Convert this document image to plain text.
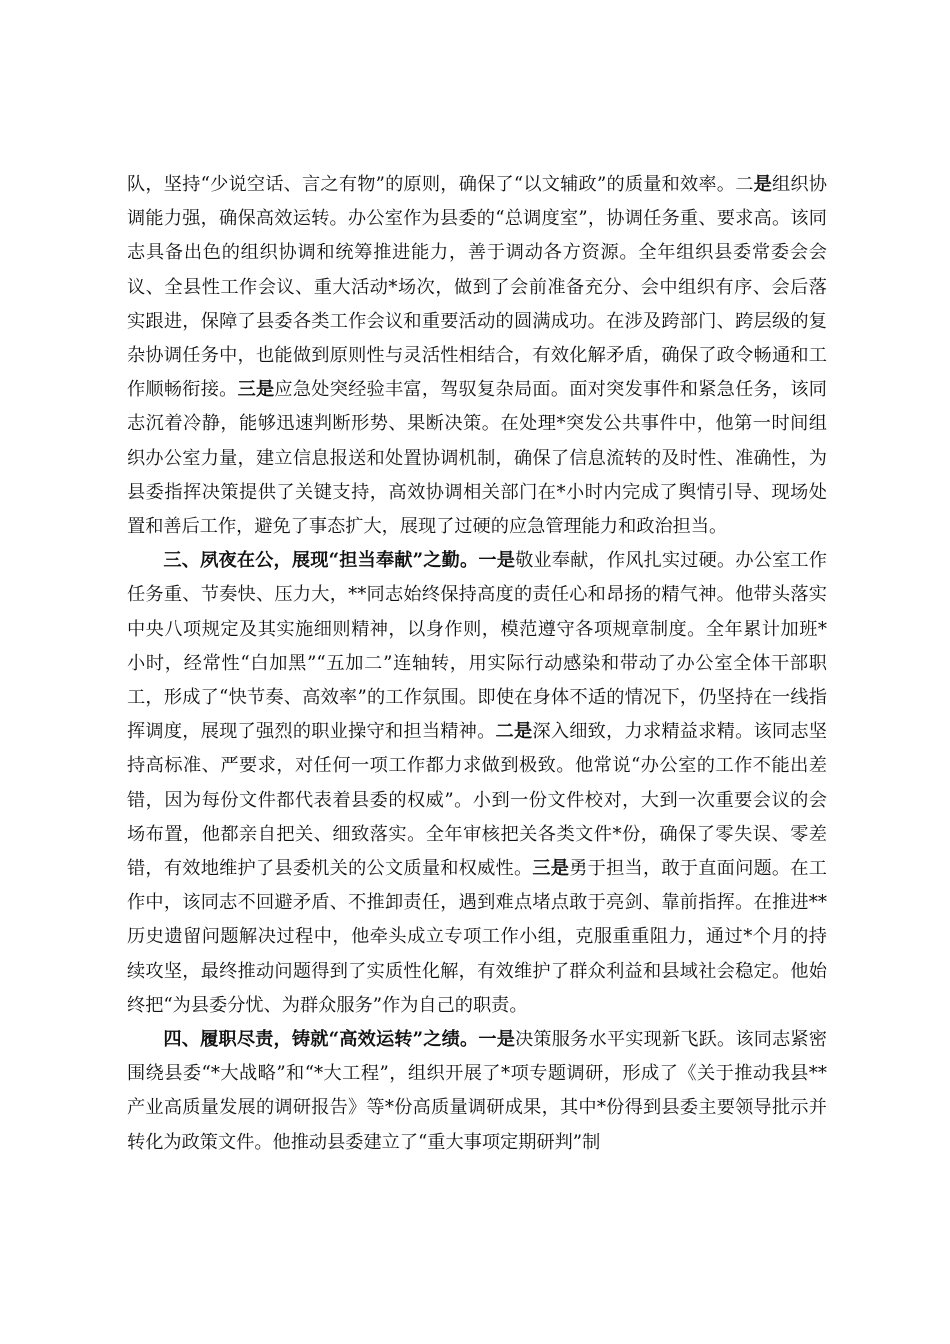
队，坚持“少说空话、言之有物”的原则，确保了“以文辅政”的质量和效率。二是组织协调能力强，确保高效运转。办公室作为县委的“总调度室”，协调任务重、要求高。该同志具备出色的组织协调和统筹推进能力，善于调动各方资源。全年组织县委常委会会议、全县性工作会议、重大活动*场次，做到了会前准备充分、会中组织有序、会后落实跟进，保障了县委各类工作会议和重要活动的圆满成功。在涉及跨部门、跨层级的复杂协调任务中，也能做到原则性与灵活性相结合，有效化解矛盾，确保了政令畅通和工作顺畅衔接。三是应急处突经验丰富，驾驭复杂局面。面对突发事件和紧急任务，该同志沉着冷静，能够迅速判断形势、果断决策。在处理*突发公共事件中，他第一时间组织办公室力量，建立信息报送和处置协调机制，确保了信息流转的及时性、准确性，为县委指挥决策提供了关键支持，高效协调相关部门在*小时内完成了舆情引导、现场处置和善后工作，避免了事态扩大，展现了过硬的应急管理能力和政治担当。

三、夙夜在公，展现“担当奉献”之勤。一是敬业奉献，作风扎实过硬。办公室工作任务重、节奏快、压力大，**同志始终保持高度的责任心和昂扬的精气神。他带头落实中央八项规定及其实施细则精神，以身作则，模范遵守各项规章制度。全年累计加班*小时，经常性“白加黑”“五加二”连轴转，用实际行动感染和带动了办公室全体干部职工，形成了“快节奏、高效率”的工作氛围。即使在身体不适的情况下，仍坚持在一线指挥调度，展现了强烈的职业操守和担当精神。二是深入细致，力求精益求精。该同志坚持高标准、严要求，对任何一项工作都力求做到极致。他常说“办公室的工作不能出差错，因为每份文件都代表着县委的权威”。小到一份文件校对，大到一次重要会议的会场布置，他都亲自把关、细致落实。全年审核把关各类文件*份，确保了零失误、零差错，有效地维护了县委机关的公文质量和权威性。三是勇于担当，敢于直面问题。在工作中，该同志不回避矛盾、不推卸责任，遇到难点堵点敢于亮剑、靠前指挥。在推进**历史遗留问题解决过程中，他牵头成立专项工作小组，克服重重阻力，通过*个月的持续攻坚，最终推动问题得到了实质性化解，有效维护了群众利益和县域社会稳定。他始终把“为县委分忧、为群众服务”作为自己的职责。

四、履职尽责，铸就“高效运转”之绩。一是决策服务水平实现新飞跃。该同志紧密围绕县委“*大战略”和“*大工程”，组织开展了*项专题调研，形成了《关于推动我县**产业高质量发展的调研报告》等*份高质量调研成果，其中*份得到县委主要领导批示并转化为政策文件。他推动县委建立了“重大事项定期研判”制
